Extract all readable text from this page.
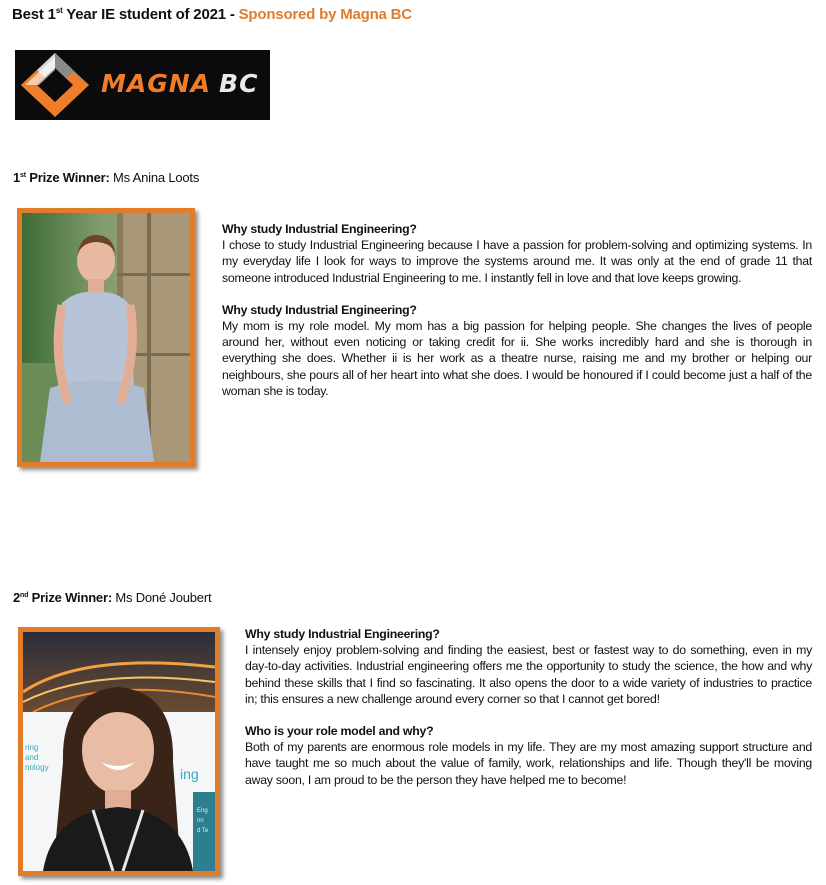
Best 1st Year IE student of 2021 - Sponsored by Magna BC
MAGNA BC
1st Prize Winner: Ms Anina Loots
Why study Industrial Engineering?

I chose to study Industrial Engineering because I have a passion for problem-solving and optimizing systems. In my everyday life I look for ways to improve the systems around me. It was only at the end of grade 11 that someone introduced Industrial Engineering to me. I instantly fell in love and that love keeps growing.

Why study Industrial Engineering?

My mom is my role model. My mom has a big passion for helping people. She changes the lives of people around her, without even noticing or taking credit for ii. She works incredibly hard and she is thorough in everything she does. Whether ii is her work as a theatre nurse, raising me and my brother or helping our neighbours, she pours all of her heart into what she does. I would be honoured if I could become just a half of the woman she is today.

2nd Prize Winner: Ms Doné Joubert
ring
and
nology	ing
Eng
nn
d Te
Why study Industrial Engineering?

I intensely enjoy problem-solving and finding the easiest, best or fastest way to do something, even in my day-to-day activities. Industrial engineering offers me the opportunity to study the science, the how and why behind these skills that I find so fascinating. It also opens the door to a wide variety of industries to practice in; this ensures a new challenge around every corner so that I cannot get bored!

Who is your role model and why?

Both of my parents are enormous role models in my life. They are my most amazing support structure and have taught me so much about the value of family, work, relationships and life. Though they'll be moving away soon, I am proud to be the person they have helped me to become!
